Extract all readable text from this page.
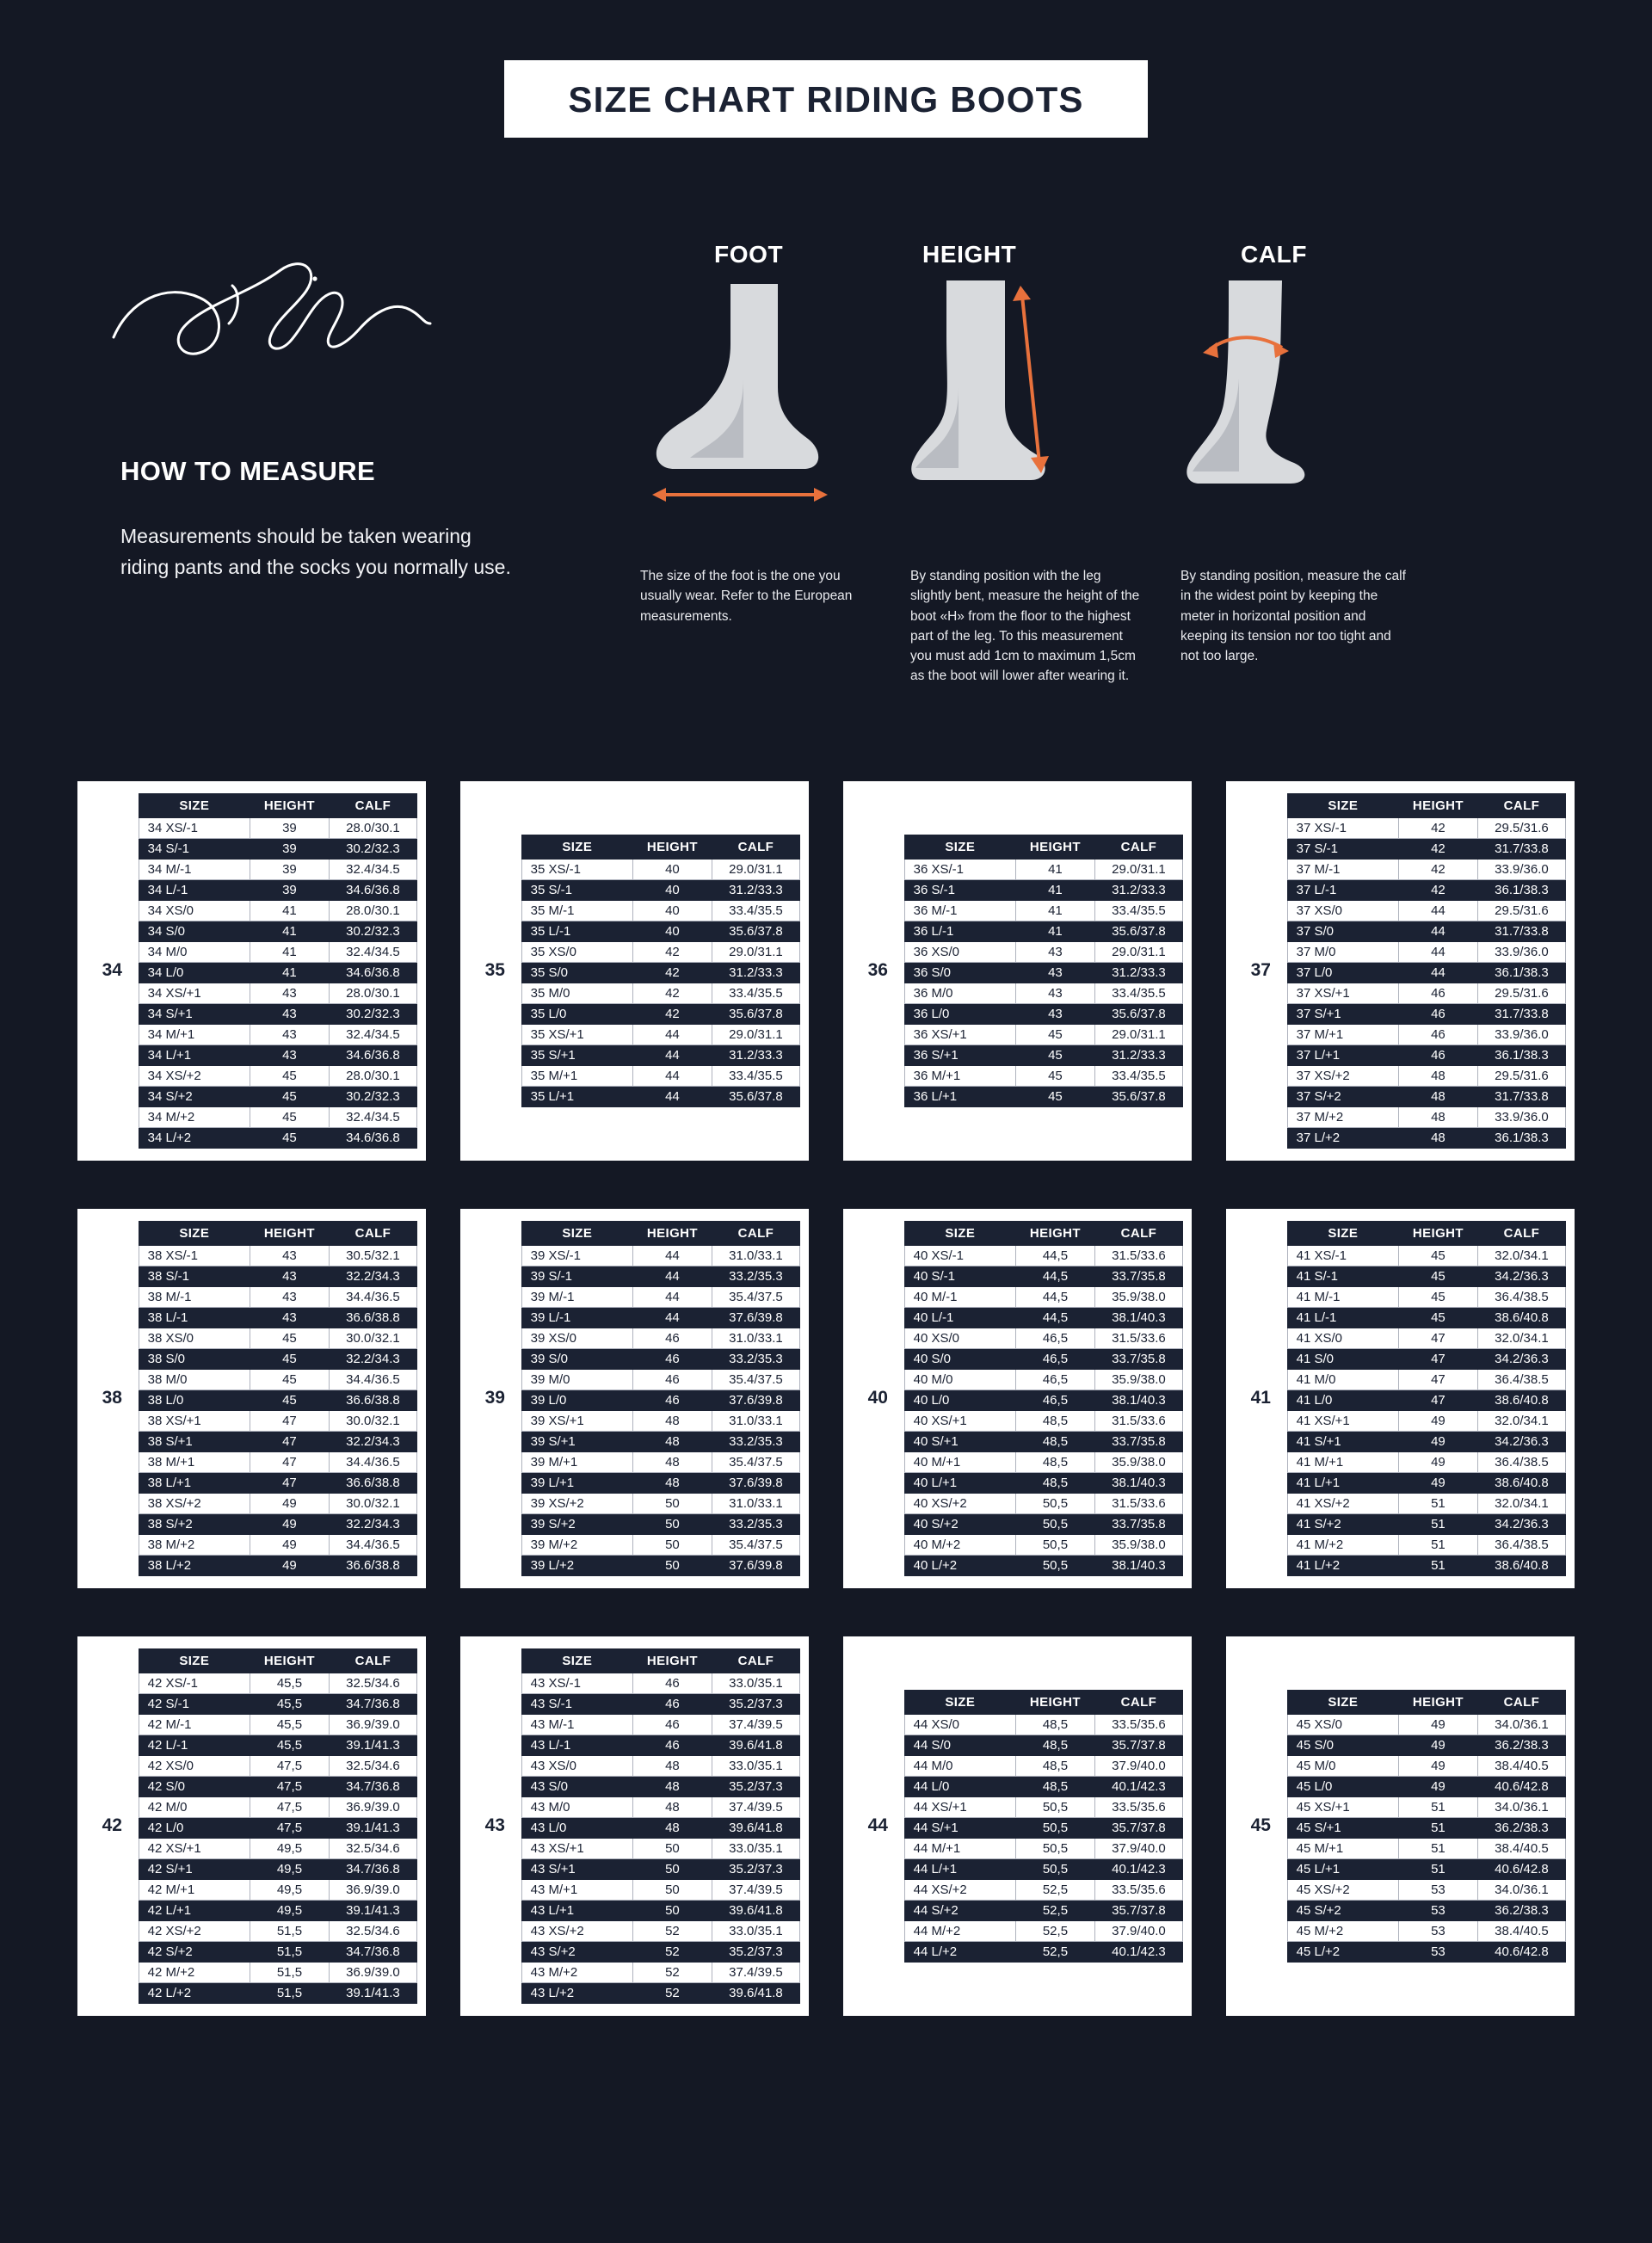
SIZE CHART RIDING BOOTS
HOW TO MEASURE
Measurements should be taken wearing riding pants and the socks you normally use.
FOOT
The size of the foot is the one you usually wear. Refer to the European measurements.
HEIGHT
By standing position with the leg slightly bent, measure the height of the boot «H» from the floor to the highest part of the leg. To this measurement you must add 1cm to maximum 1,5cm as the boot will lower after wearing it.
CALF
By standing position, measure the calf in the widest point by keeping the meter in horizontal position and keeping its tension nor too tight and not too large.
34
SIZE	HEIGHT	CALF
34 XS/-1	39	28.0/30.1
34 S/-1	39	30.2/32.3
34 M/-1	39	32.4/34.5
34 L/-1	39	34.6/36.8
34 XS/0	41	28.0/30.1
34 S/0	41	30.2/32.3
34 M/0	41	32.4/34.5
34 L/0	41	34.6/36.8
34 XS/+1	43	28.0/30.1
34 S/+1	43	30.2/32.3
34 M/+1	43	32.4/34.5
34 L/+1	43	34.6/36.8
34 XS/+2	45	28.0/30.1
34 S/+2	45	30.2/32.3
34 M/+2	45	32.4/34.5
34 L/+2	45	34.6/36.8
35
SIZE	HEIGHT	CALF
35 XS/-1	40	29.0/31.1
35 S/-1	40	31.2/33.3
35 M/-1	40	33.4/35.5
35 L/-1	40	35.6/37.8
35 XS/0	42	29.0/31.1
35 S/0	42	31.2/33.3
35 M/0	42	33.4/35.5
35 L/0	42	35.6/37.8
35 XS/+1	44	29.0/31.1
35 S/+1	44	31.2/33.3
35 M/+1	44	33.4/35.5
35 L/+1	44	35.6/37.8
36
SIZE	HEIGHT	CALF
36 XS/-1	41	29.0/31.1
36 S/-1	41	31.2/33.3
36 M/-1	41	33.4/35.5
36 L/-1	41	35.6/37.8
36 XS/0	43	29.0/31.1
36 S/0	43	31.2/33.3
36 M/0	43	33.4/35.5
36 L/0	43	35.6/37.8
36 XS/+1	45	29.0/31.1
36 S/+1	45	31.2/33.3
36 M/+1	45	33.4/35.5
36 L/+1	45	35.6/37.8
37
SIZE	HEIGHT	CALF
37 XS/-1	42	29.5/31.6
37 S/-1	42	31.7/33.8
37 M/-1	42	33.9/36.0
37 L/-1	42	36.1/38.3
37 XS/0	44	29.5/31.6
37 S/0	44	31.7/33.8
37 M/0	44	33.9/36.0
37 L/0	44	36.1/38.3
37 XS/+1	46	29.5/31.6
37 S/+1	46	31.7/33.8
37 M/+1	46	33.9/36.0
37 L/+1	46	36.1/38.3
37 XS/+2	48	29.5/31.6
37 S/+2	48	31.7/33.8
37 M/+2	48	33.9/36.0
37 L/+2	48	36.1/38.3
38
SIZE	HEIGHT	CALF
38 XS/-1	43	30.5/32.1
38 S/-1	43	32.2/34.3
38 M/-1	43	34.4/36.5
38 L/-1	43	36.6/38.8
38 XS/0	45	30.0/32.1
38 S/0	45	32.2/34.3
38 M/0	45	34.4/36.5
38 L/0	45	36.6/38.8
38 XS/+1	47	30.0/32.1
38 S/+1	47	32.2/34.3
38 M/+1	47	34.4/36.5
38 L/+1	47	36.6/38.8
38 XS/+2	49	30.0/32.1
38 S/+2	49	32.2/34.3
38 M/+2	49	34.4/36.5
38 L/+2	49	36.6/38.8
39
SIZE	HEIGHT	CALF
39 XS/-1	44	31.0/33.1
39 S/-1	44	33.2/35.3
39 M/-1	44	35.4/37.5
39 L/-1	44	37.6/39.8
39 XS/0	46	31.0/33.1
39 S/0	46	33.2/35.3
39 M/0	46	35.4/37.5
39 L/0	46	37.6/39.8
39 XS/+1	48	31.0/33.1
39 S/+1	48	33.2/35.3
39 M/+1	48	35.4/37.5
39 L/+1	48	37.6/39.8
39 XS/+2	50	31.0/33.1
39 S/+2	50	33.2/35.3
39 M/+2	50	35.4/37.5
39 L/+2	50	37.6/39.8
40
SIZE	HEIGHT	CALF
40 XS/-1	44,5	31.5/33.6
40 S/-1	44,5	33.7/35.8
40 M/-1	44,5	35.9/38.0
40 L/-1	44,5	38.1/40.3
40 XS/0	46,5	31.5/33.6
40 S/0	46,5	33.7/35.8
40 M/0	46,5	35.9/38.0
40 L/0	46,5	38.1/40.3
40 XS/+1	48,5	31.5/33.6
40 S/+1	48,5	33.7/35.8
40 M/+1	48,5	35.9/38.0
40 L/+1	48,5	38.1/40.3
40 XS/+2	50,5	31.5/33.6
40 S/+2	50,5	33.7/35.8
40 M/+2	50,5	35.9/38.0
40 L/+2	50,5	38.1/40.3
41
SIZE	HEIGHT	CALF
41 XS/-1	45	32.0/34.1
41 S/-1	45	34.2/36.3
41 M/-1	45	36.4/38.5
41 L/-1	45	38.6/40.8
41 XS/0	47	32.0/34.1
41 S/0	47	34.2/36.3
41 M/0	47	36.4/38.5
41 L/0	47	38.6/40.8
41 XS/+1	49	32.0/34.1
41 S/+1	49	34.2/36.3
41 M/+1	49	36.4/38.5
41 L/+1	49	38.6/40.8
41 XS/+2	51	32.0/34.1
41 S/+2	51	34.2/36.3
41 M/+2	51	36.4/38.5
41 L/+2	51	38.6/40.8
42
SIZE	HEIGHT	CALF
42 XS/-1	45,5	32.5/34.6
42 S/-1	45,5	34.7/36.8
42 M/-1	45,5	36.9/39.0
42 L/-1	45,5	39.1/41.3
42 XS/0	47,5	32.5/34.6
42 S/0	47,5	34.7/36.8
42 M/0	47,5	36.9/39.0
42 L/0	47,5	39.1/41.3
42 XS/+1	49,5	32.5/34.6
42 S/+1	49,5	34.7/36.8
42 M/+1	49,5	36.9/39.0
42 L/+1	49,5	39.1/41.3
42 XS/+2	51,5	32.5/34.6
42 S/+2	51,5	34.7/36.8
42 M/+2	51,5	36.9/39.0
42 L/+2	51,5	39.1/41.3
43
SIZE	HEIGHT	CALF
43 XS/-1	46	33.0/35.1
43 S/-1	46	35.2/37.3
43 M/-1	46	37.4/39.5
43 L/-1	46	39.6/41.8
43 XS/0	48	33.0/35.1
43 S/0	48	35.2/37.3
43 M/0	48	37.4/39.5
43 L/0	48	39.6/41.8
43 XS/+1	50	33.0/35.1
43 S/+1	50	35.2/37.3
43 M/+1	50	37.4/39.5
43 L/+1	50	39.6/41.8
43 XS/+2	52	33.0/35.1
43 S/+2	52	35.2/37.3
43 M/+2	52	37.4/39.5
43 L/+2	52	39.6/41.8
44
SIZE	HEIGHT	CALF
44 XS/0	48,5	33.5/35.6
44 S/0	48,5	35.7/37.8
44 M/0	48,5	37.9/40.0
44 L/0	48,5	40.1/42.3
44 XS/+1	50,5	33.5/35.6
44 S/+1	50,5	35.7/37.8
44 M/+1	50,5	37.9/40.0
44 L/+1	50,5	40.1/42.3
44 XS/+2	52,5	33.5/35.6
44 S/+2	52,5	35.7/37.8
44 M/+2	52,5	37.9/40.0
44 L/+2	52,5	40.1/42.3
45
SIZE	HEIGHT	CALF
45 XS/0	49	34.0/36.1
45 S/0	49	36.2/38.3
45 M/0	49	38.4/40.5
45 L/0	49	40.6/42.8
45 XS/+1	51	34.0/36.1
45 S/+1	51	36.2/38.3
45 M/+1	51	38.4/40.5
45 L/+1	51	40.6/42.8
45 XS/+2	53	34.0/36.1
45 S/+2	53	36.2/38.3
45 M/+2	53	38.4/40.5
45 L/+2	53	40.6/42.8
